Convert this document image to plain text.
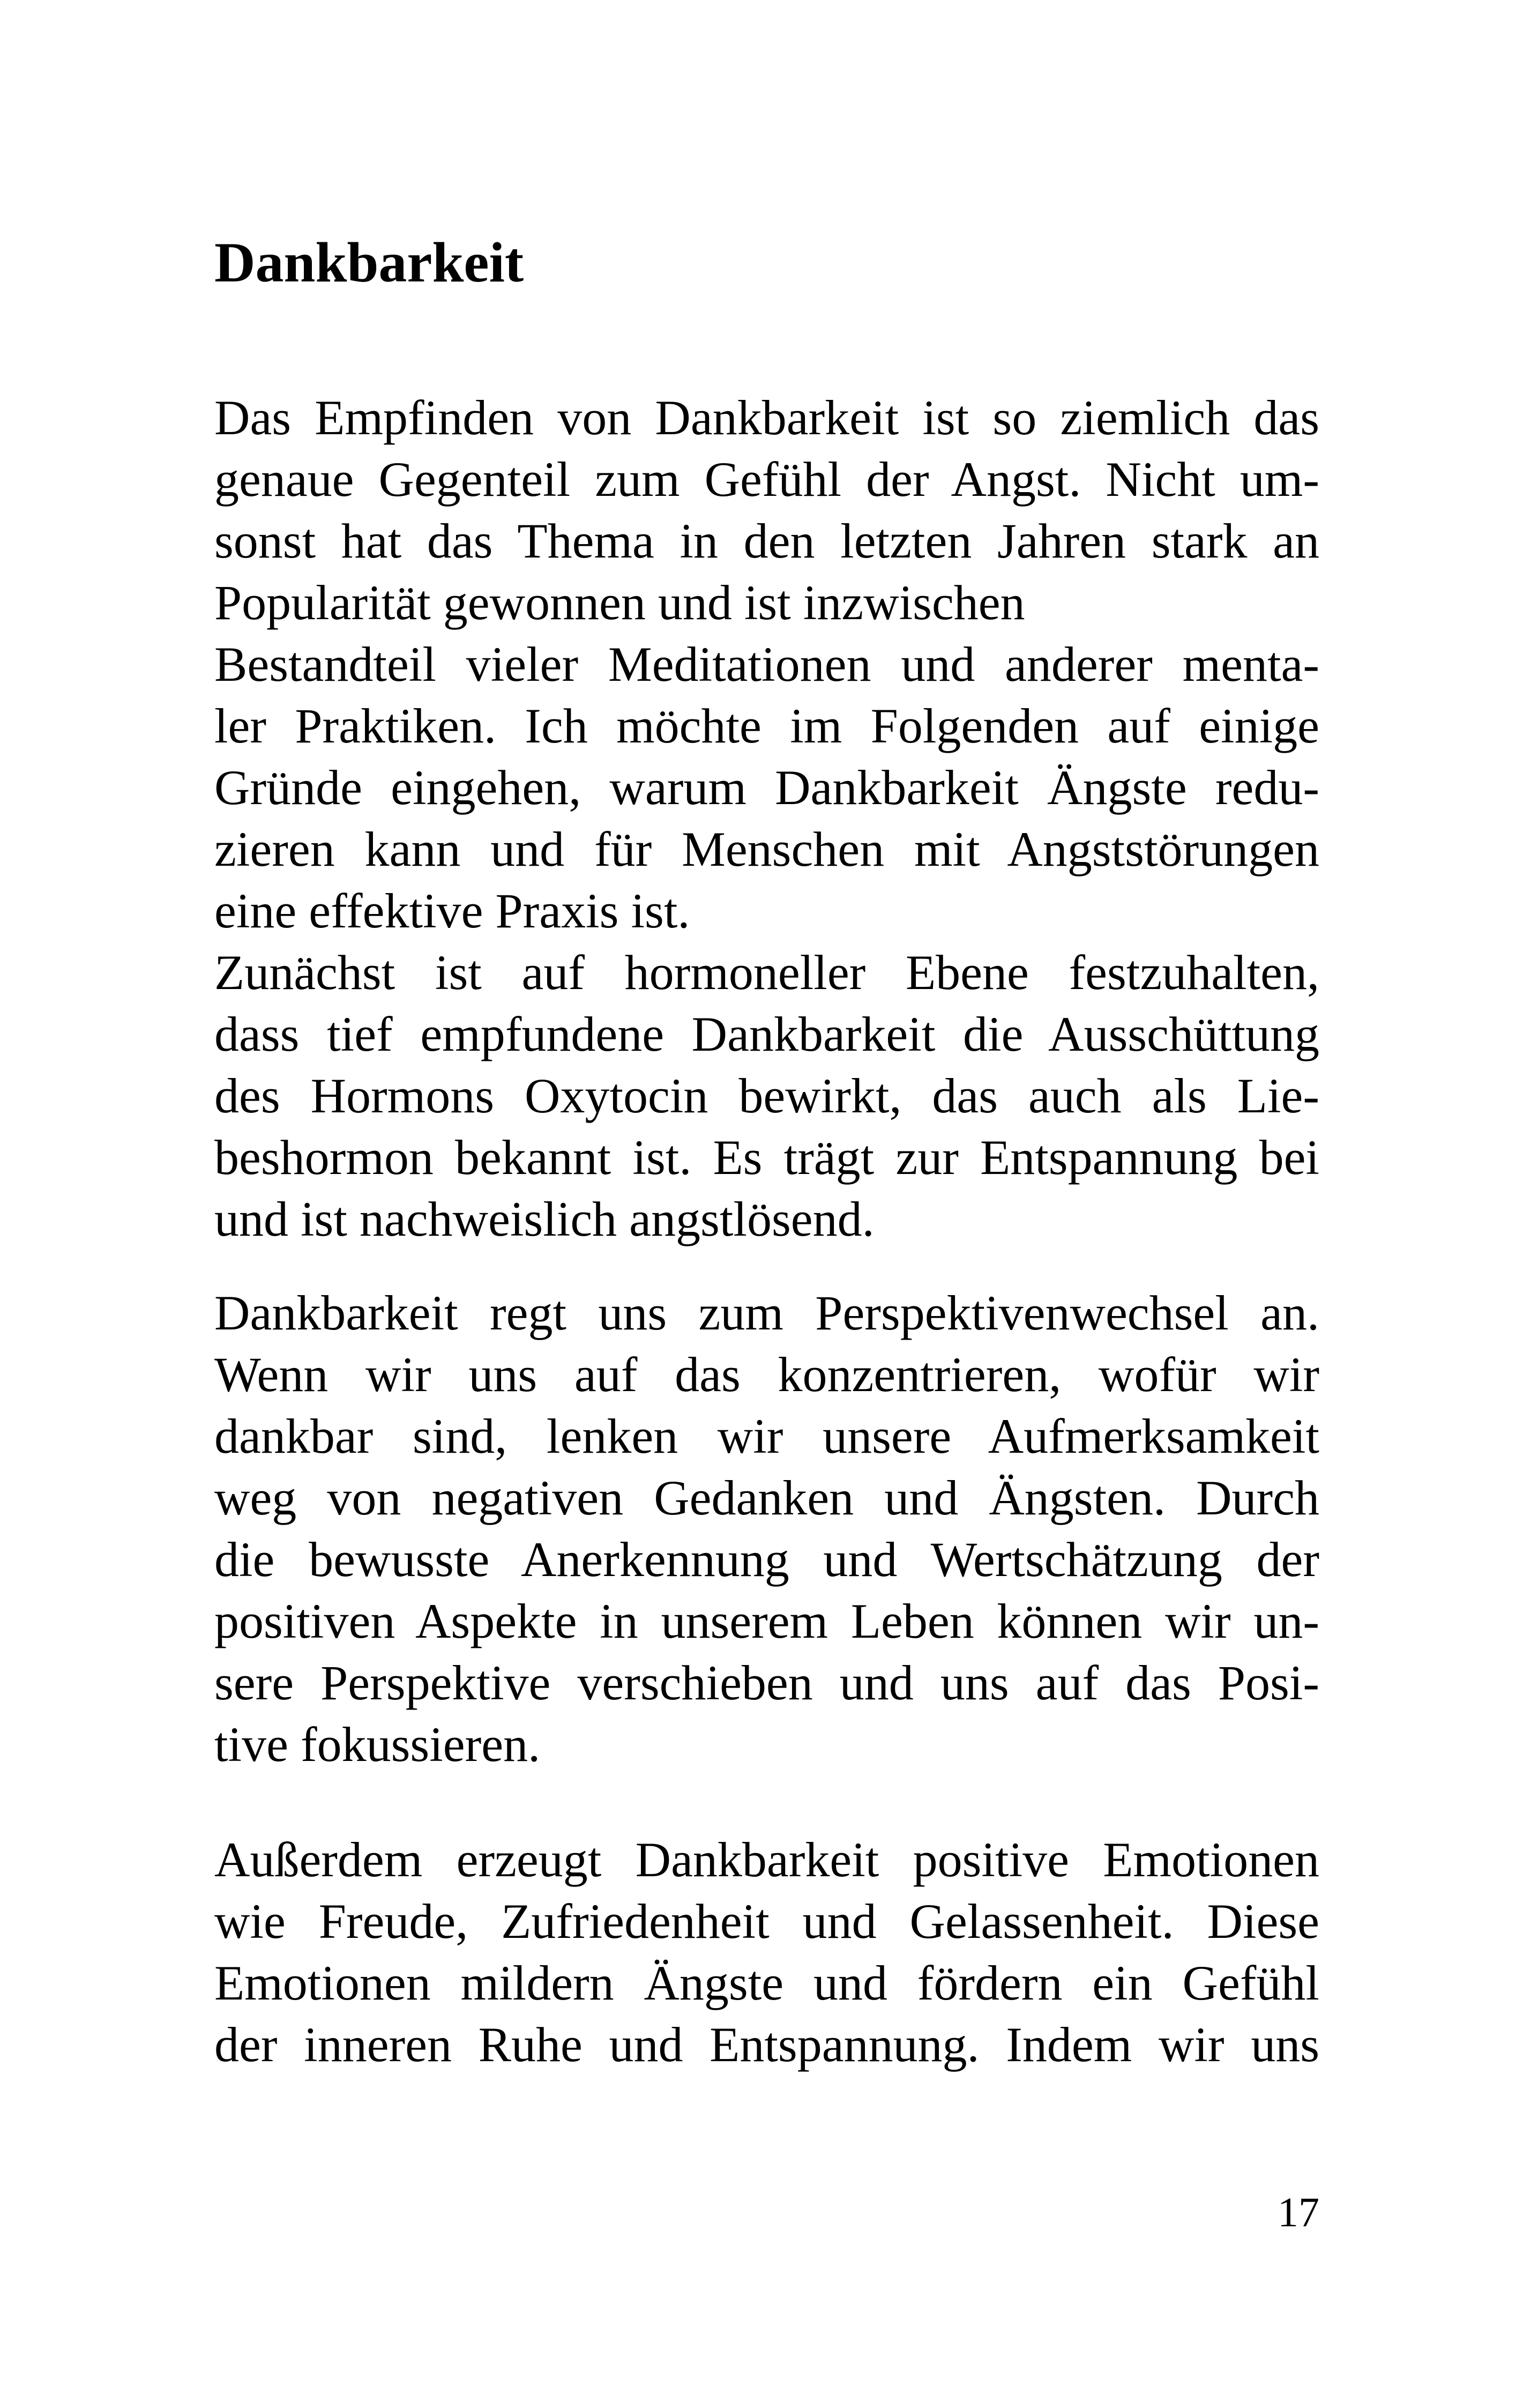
Dankbarkeit
Das Empfinden von Dankbarkeit ist so ziemlich das
genaue Gegenteil zum Gefühl der Angst. Nicht um-
sonst hat das Thema in den letzten Jahren stark an
Popularität gewonnen und ist inzwischen
Bestandteil vieler Meditationen und anderer menta-
ler Praktiken. Ich möchte im Folgenden auf einige
Gründe eingehen, warum Dankbarkeit Ängste redu-
zieren kann und für Menschen mit Angststörungen
eine effektive Praxis ist.
Zunächst ist auf hormoneller Ebene festzuhalten,
dass tief empfundene Dankbarkeit die Ausschüttung
des Hormons Oxytocin bewirkt, das auch als Lie-
beshormon bekannt ist. Es trägt zur Entspannung bei
und ist nachweislich angstlösend.
Dankbarkeit regt uns zum Perspektivenwechsel an.
Wenn wir uns auf das konzentrieren, wofür wir
dankbar sind, lenken wir unsere Aufmerksamkeit
weg von negativen Gedanken und Ängsten. Durch
die bewusste Anerkennung und Wertschätzung der
positiven Aspekte in unserem Leben können wir un-
sere Perspektive verschieben und uns auf das Posi-
tive fokussieren.
Außerdem erzeugt Dankbarkeit positive Emotionen
wie Freude, Zufriedenheit und Gelassenheit. Diese
Emotionen mildern Ängste und fördern ein Gefühl
der inneren Ruhe und Entspannung. Indem wir uns
17
